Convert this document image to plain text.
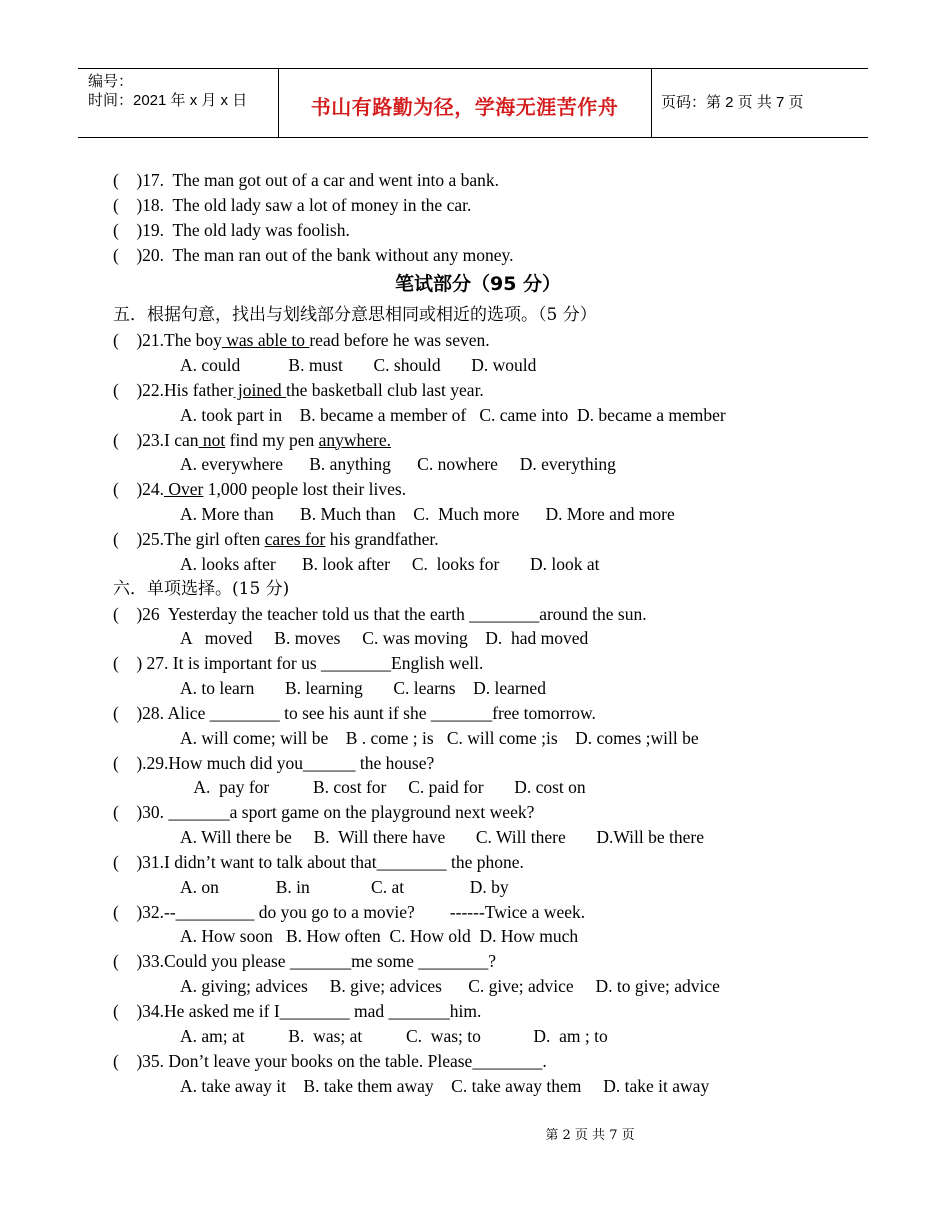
编号：
时间：2021 年 x 月 x 日	书山有路勤为径，学海无涯苦作舟	页码：第 2 页 共 7 页
(    )17.  The man got out of a car and went into a bank.
(    )18.  The old lady saw a lot of money in the car.
(    )19.  The old lady was foolish.
(    )20.  The man ran out of the bank without any money.
笔试部分（95 分）
五．根据句意，找出与划线部分意思相同或相近的选项。（5 分）
(    )21.The boy was able to read before he was seven.
A. could           B. must       C. should       D. would
(    )22.His father joined the basketball club last year.
A. took part in    B. became a member of   C. came into  D. became a member
(    )23.I can not find my pen anywhere.
A. everywhere      B. anything      C. nowhere     D. everything
(    )24. Over 1,000 people lost their lives.
A. More than      B. Much than    C.  Much more      D. More and more
(    )25.The girl often cares for his grandfather.
A. looks after      B. look after     C.  looks for       D. look at
六．单项选择。(15 分)
(    )26  Yesterday the teacher told us that the earth ________around the sun.
A   moved     B. moves     C. was moving    D.  had moved
(    ) 27. It is important for us ________English well.
A. to learn       B. learning       C. learns    D. learned
(    )28. Alice ________ to see his aunt if she _______free tomorrow.
A. will come; will be    B . come ; is   C. will come ;is    D. comes ;will be
(    ).29.How much did you______ the house?
A.  pay for          B. cost for     C. paid for       D. cost on
(    )30. _______a sport game on the playground next week?
A. Will there be     B.  Will there have       C. Will there       D.Will be there
(    )31.I didn’t want to talk about that________ the phone.
A. on             B. in              C. at               D. by
(    )32.--_________ do you go to a movie?        ------Twice a week.
A. How soon   B. How often  C. How old  D. How much
(    )33.Could you please _______me some ________?
A. giving; advices     B. give; advices      C. give; advice     D. to give; advice
(    )34.He asked me if I________ mad _______him.
A. am; at          B.  was; at          C.  was; to            D.  am ; to
(    )35. Don’t leave your books on the table. Please________.
A. take away it    B. take them away    C. take away them     D. take it away
第 2 页 共 7 页
